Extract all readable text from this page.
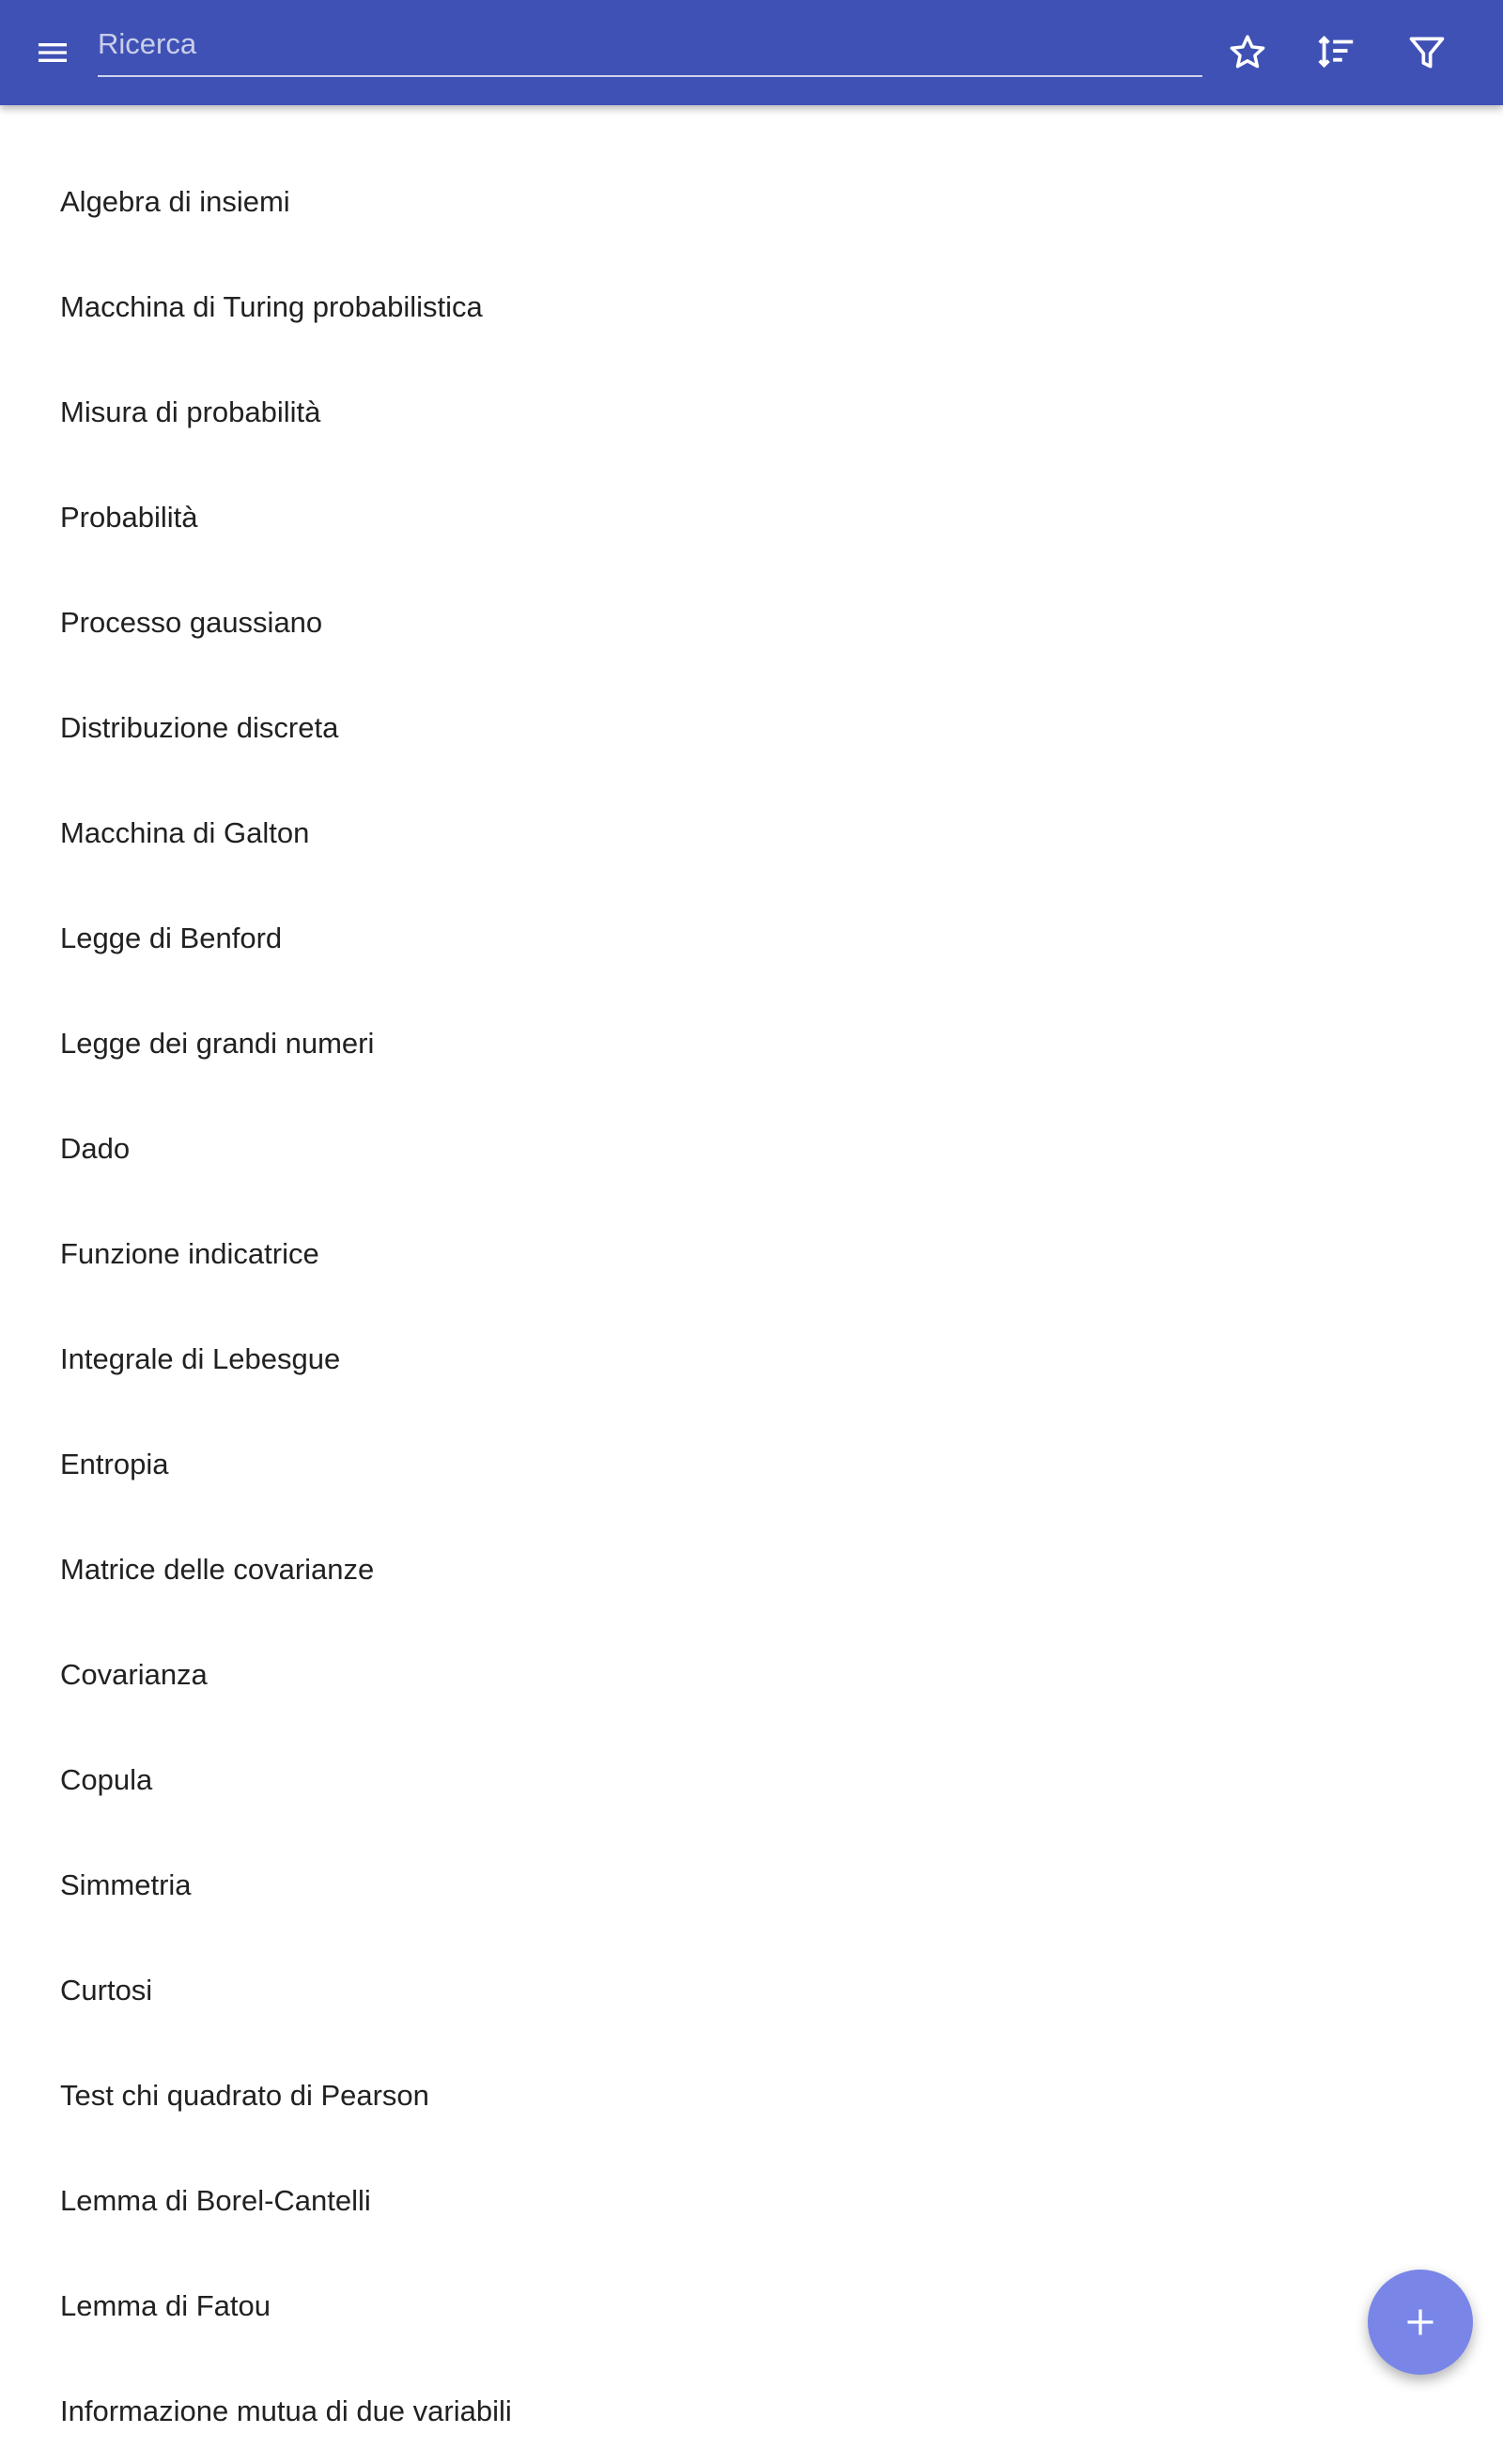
Ricerca
Algebra di insiemi
Macchina di Turing probabilistica
Misura di probabilità
Probabilità
Processo gaussiano
Distribuzione discreta
Macchina di Galton
Legge di Benford
Legge dei grandi numeri
Dado
Funzione indicatrice
Integrale di Lebesgue
Entropia
Matrice delle covarianze
Covarianza
Copula
Simmetria
Curtosi
Test chi quadrato di Pearson
Lemma di Borel-Cantelli
Lemma di Fatou
Informazione mutua di due variabili
